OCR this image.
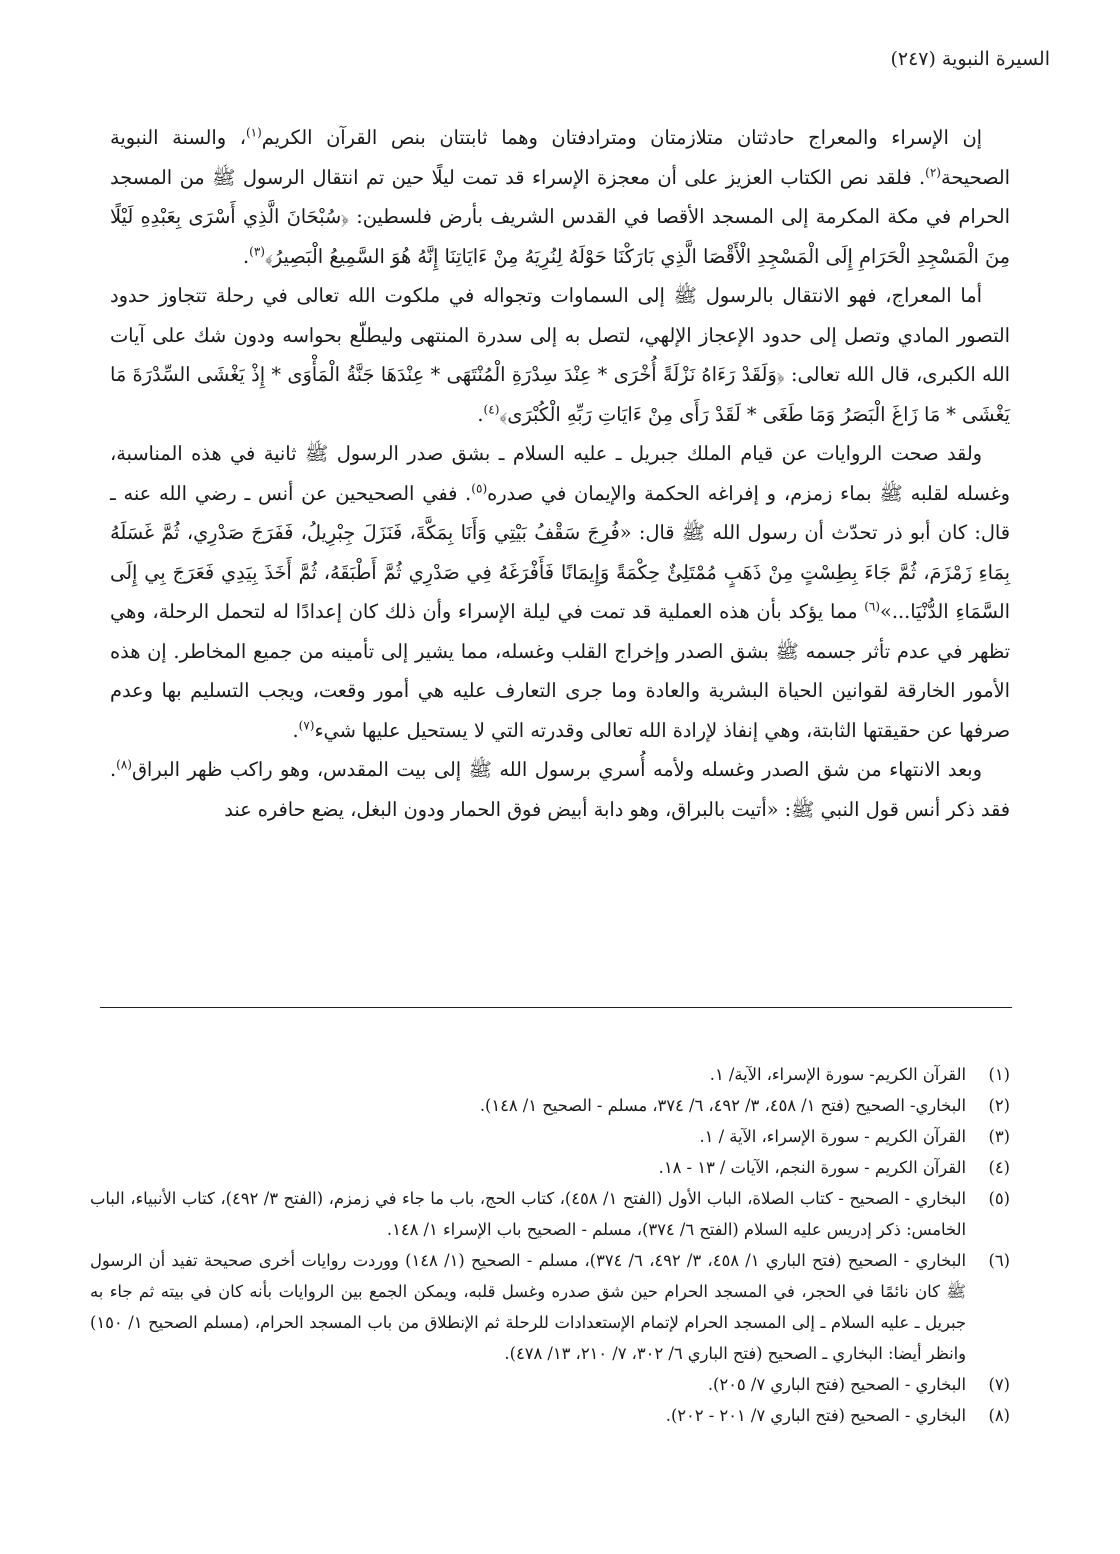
السيرة النبوية (٢٤٧)

إن الإسراء والمعراج حادثتان متلازمتان ومترادفتان وهما ثابتتان بنص القرآن الكريم$^{(١)}$، والسنة النبوية الصحيحة$^{(٢)}$. فلقد نص الكتاب العزيز على أن معجزة الإسراء قد تمت ليلًا حين تم انتقال الرسول ﷺ من المسجد الحرام في مكة المكرمة إلى المسجد الأقصا في القدس الشريف بأرض فلسطين: ﴿سُبْحَانَ الَّذِي أَسْرَى بِعَبْدِهِ لَيْلًا مِنَ الْمَسْجِدِ الْحَرَامِ إِلَى الْمَسْجِدِ الْأَقْصَا الَّذِي بَارَكْنَا حَوْلَهُ لِنُرِيَهُ مِنْ ءَايَاتِنَا إِنَّهُ هُوَ السَّمِيعُ الْبَصِيرُ﴾$^{(٣)}$.

أما المعراج، فهو الانتقال بالرسول ﷺ إلى السماوات وتجواله في ملكوت الله تعالى في رحلة تتجاوز حدود التصور المادي وتصل إلى حدود الإعجاز الإلهي، لتصل به إلى سدرة المنتهى وليطلّع بحواسه ودون شك على آيات الله الكبرى، قال الله تعالى: ﴿وَلَقَدْ رَءَاهُ نَزْلَةً أُخْرَى * عِنْدَ سِدْرَةِ الْمُنْتَهَى * عِنْدَهَا جَنَّةُ الْمَأْوَى * إِذْ يَغْشَى السِّدْرَةَ مَا يَغْشَى * مَا زَاغَ الْبَصَرُ وَمَا طَغَى * لَقَدْ رَأَى مِنْ ءَايَاتِ رَبِّهِ الْكُبْرَى﴾$^{(٤)}$.

ولقد صحت الروايات عن قيام الملك جبريل ـ عليه السلام ـ بشق صدر الرسول ﷺ ثانية في هذه المناسبة، وغسله لقلبه ﷺ بماء زمزم، و إفراغه الحكمة والإيمان في صدره$^{(٥)}$. ففي الصحيحين عن أنس ـ رضي الله عنه ـ قال: كان أبو ذر تحدّث أن رسول الله ﷺ قال: «فُرِجَ سَقْفُ بَيْتِي وَأَنَا بِمَكَّةَ، فَنَزَلَ جِبْرِيلُ، فَفَرَجَ صَدْرِي، ثُمَّ غَسَلَهُ بِمَاءِ زَمْزَمَ، ثُمَّ جَاءَ بِطِسْتٍ مِنْ ذَهَبٍ مُمْتَلِئٌ حِكْمَةً وَإِيمَانًا فَأَفْرَغَهُ فِي صَدْرِي ثُمَّ أَطْبَقَهُ، ثُمَّ أَخَذَ بِيَدِي فَعَرَجَ بِي إِلَى السَّمَاءِ الدُّنْيَا...»$^{(٦)}$ مما يؤكد بأن هذه العملية قد تمت في ليلة الإسراء وأن ذلك كان إعدادًا له لتحمل الرحلة، وهي تظهر في عدم تأثر جسمه ﷺ بشق الصدر وإخراج القلب وغسله، مما يشير إلى تأمينه من جميع المخاطر. إن هذه الأمور الخارقة لقوانين الحياة البشرية والعادة وما جرى التعارف عليه هي أمور وقعت، ويجب التسليم بها وعدم صرفها عن حقيقتها الثابتة، وهي إنفاذ لإرادة الله تعالى وقدرته التي لا يستحيل عليها شيء$^{(٧)}$.

وبعد الانتهاء من شق الصدر وغسله ولأمه أُسري برسول الله ﷺ إلى بيت المقدس، وهو راكب ظهر البراق$^{(٨)}$. فقد ذكر أنس قول النبي ﷺ: «أتيت بالبراق، وهو دابة أبيض فوق الحمار ودون البغل، يضع حافره عند

(١)
القرآن الكريم- سورة الإسراء، الآية/ ١.
(٢)
البخاري- الصحيح (فتح ١/ ٤٥٨، ٣/ ٤٩٢، ٦/ ٣٧٤، مسلم - الصحيح ١/ ١٤٨).
(٣)
القرآن الكريم - سورة الإسراء، الآية / ١.
(٤)
القرآن الكريم - سورة النجم، الآيات / ١٣ - ١٨.
(٥)
البخاري - الصحيح - كتاب الصلاة، الباب الأول (الفتح ١/ ٤٥٨)، كتاب الحج، باب ما جاء في زمزم، (الفتح ٣/ ٤٩٢)، كتاب الأنبياء، الباب الخامس: ذكر إدريس عليه السلام (الفتح ٦/ ٣٧٤)، مسلم - الصحيح باب الإسراء ١/ ١٤٨.
(٦)
البخاري - الصحيح (فتح الباري ١/ ٤٥٨، ٣/ ٤٩٢، ٦/ ٣٧٤)، مسلم - الصحيح (١/ ١٤٨) ووردت روايات أخرى صحيحة تفيد أن الرسول ﷺ كان نائمًا في الحجر، في المسجد الحرام حين شق صدره وغسل قلبه، ويمكن الجمع بين الروايات بأنه كان في بيته ثم جاء به جبريل ـ عليه السلام ـ إلى المسجد الحرام لإتمام الإستعدادات للرحلة ثم الإنطلاق من باب المسجد الحرام، (مسلم الصحيح ١/ ١٥٠) وانظر أيضا: البخاري ـ الصحيح (فتح الباري ٦/ ٣٠٢، ٧/ ٢١٠، ١٣/ ٤٧٨).
(٧)
البخاري - الصحيح (فتح الباري ٧/ ٢٠٥).
(٨)
البخاري - الصحيح (فتح الباري ٧/ ٢٠١ - ٢٠٢).
